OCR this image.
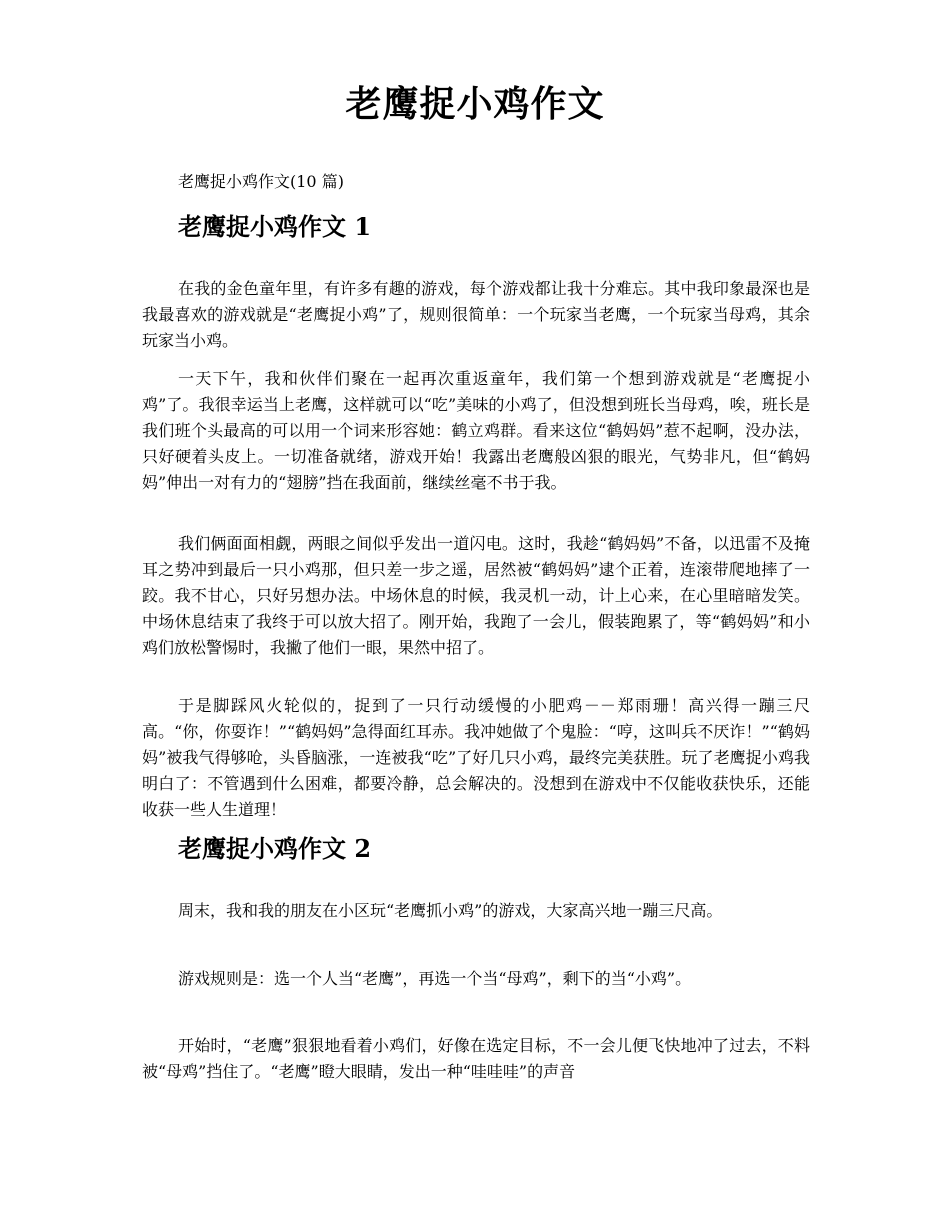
老鹰捉小鸡作文
老鹰捉小鸡作文(10 篇)
老鹰捉小鸡作文 1

在我的金色童年里，有许多有趣的游戏，每个游戏都让我十分难忘。其中我印象最深也是我最喜欢的游戏就是“老鹰捉小鸡”了，规则很简单：一个玩家当老鹰，一个玩家当母鸡，其余玩家当小鸡。

一天下午，我和伙伴们聚在一起再次重返童年，我们第一个想到游戏就是“老鹰捉小鸡”了。我很幸运当上老鹰，这样就可以“吃”美味的小鸡了，但没想到班长当母鸡，唉，班长是我们班个头最高的可以用一个词来形容她：鹤立鸡群。看来这位“鹤妈妈”惹不起啊，没办法，只好硬着头皮上。一切准备就绪，游戏开始！我露出老鹰般凶狠的眼光，气势非凡，但“鹤妈妈”伸出一对有力的“翅膀”挡在我面前，继续丝毫不书于我。

我们俩面面相觑，两眼之间似乎发出一道闪电。这时，我趁“鹤妈妈”不备，以迅雷不及掩耳之势冲到最后一只小鸡那，但只差一步之遥，居然被“鹤妈妈”逮个正着，连滚带爬地摔了一跤。我不甘心，只好另想办法。中场休息的时候，我灵机一动，计上心来，在心里暗暗发笑。中场休息结束了我终于可以放大招了。刚开始，我跑了一会儿，假装跑累了，等“鹤妈妈”和小鸡们放松警惕时，我撇了他们一眼，果然中招了。

于是脚踩风火轮似的，捉到了一只行动缓慢的小肥鸡－－郑雨珊！高兴得一蹦三尺高。“你，你耍诈！”“鹤妈妈”急得面红耳赤。我冲她做了个鬼脸：“哼，这叫兵不厌诈！”“鹤妈妈”被我气得够呛，头昏脑涨，一连被我“吃”了好几只小鸡，最终完美获胜。玩了老鹰捉小鸡我明白了：不管遇到什么困难，都要冷静，总会解决的。没想到在游戏中不仅能收获快乐，还能收获一些人生道理！

老鹰捉小鸡作文 2

周末，我和我的朋友在小区玩“老鹰抓小鸡”的游戏，大家高兴地一蹦三尺高。

游戏规则是：选一个人当“老鹰”，再选一个当“母鸡”，剩下的当“小鸡”。

开始时，“老鹰”狠狠地看着小鸡们，好像在选定目标，不一会儿便飞快地冲了过去，不料被“母鸡”挡住了。“老鹰”瞪大眼睛，发出一种“哇哇哇”的声音
